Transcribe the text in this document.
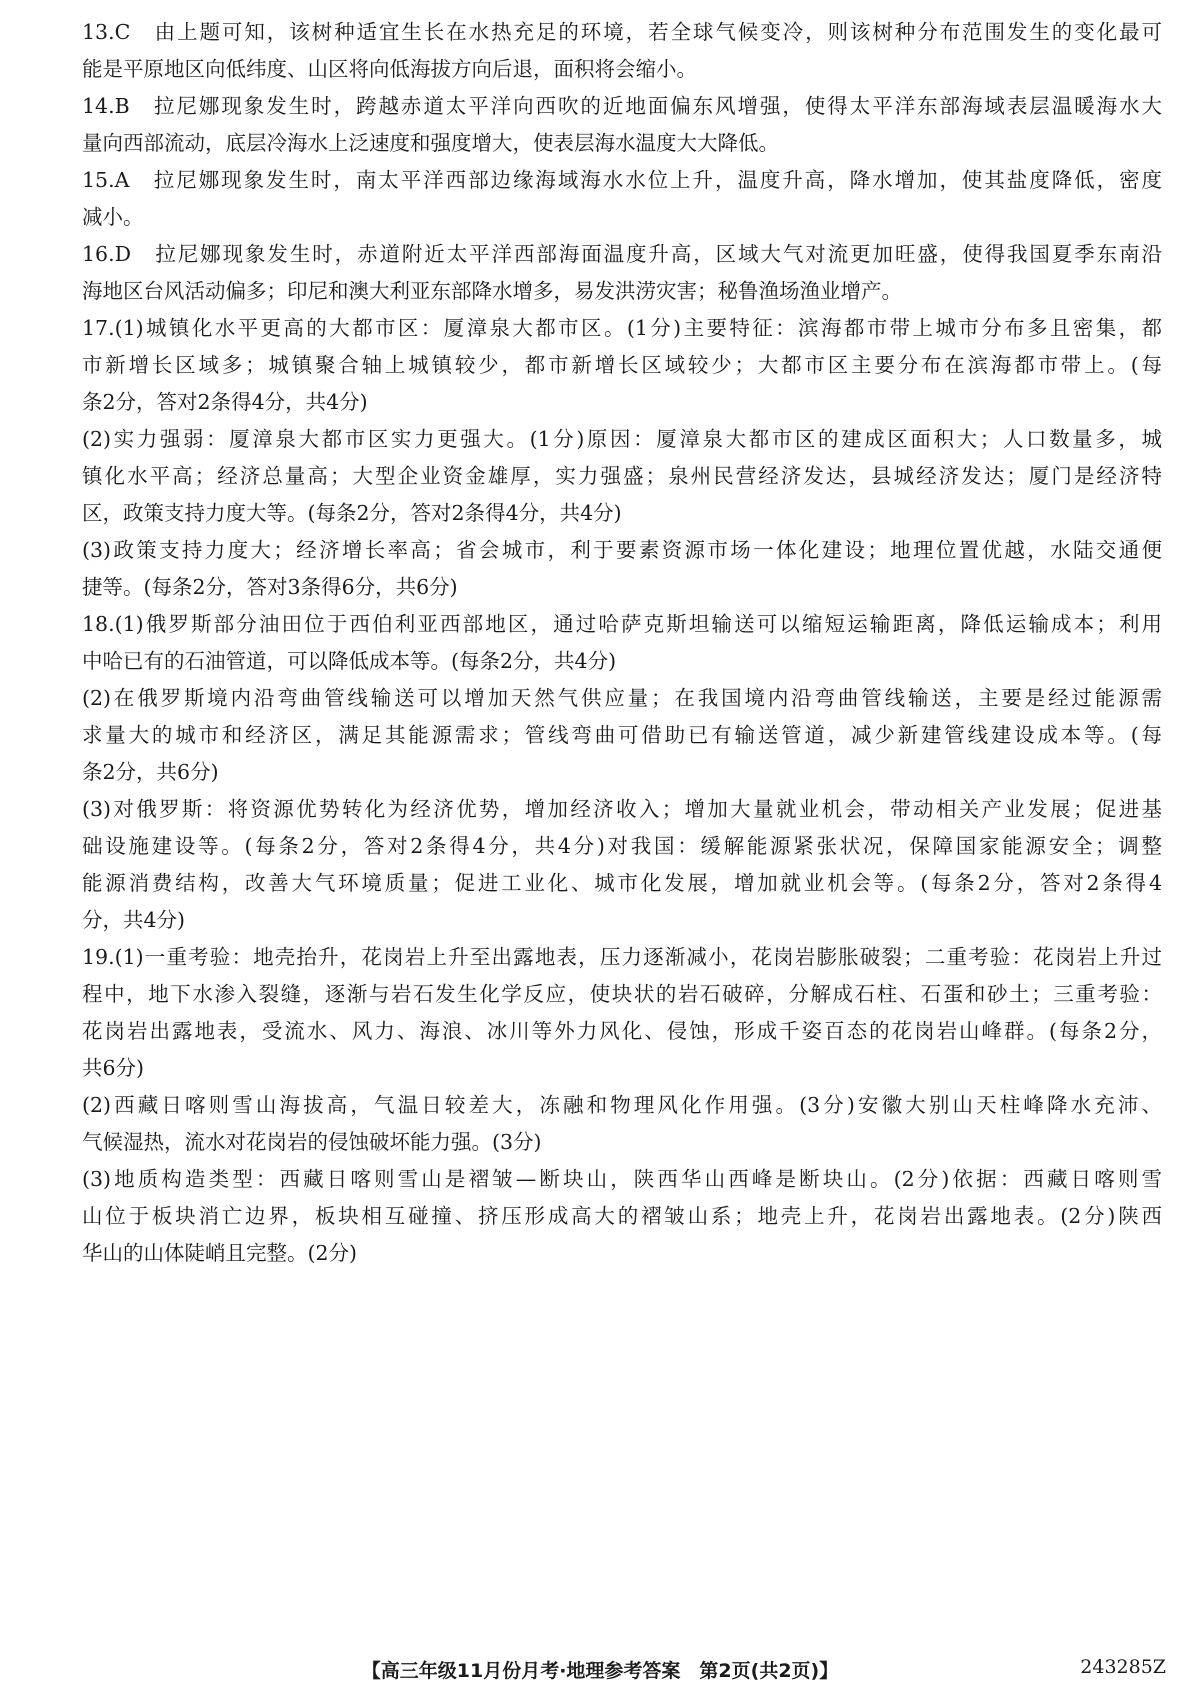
13.C　由上题可知，该树种适宜生长在水热充足的环境，若全球气候变冷，则该树种分布范围发生的变化最可
能是平原地区向低纬度、山区将向低海拔方向后退，面积将会缩小。
14.B　拉尼娜现象发生时，跨越赤道太平洋向西吹的近地面偏东风增强，使得太平洋东部海域表层温暖海水大
量向西部流动，底层冷海水上泛速度和强度增大，使表层海水温度大大降低。
15.A　拉尼娜现象发生时，南太平洋西部边缘海域海水水位上升，温度升高，降水增加，使其盐度降低，密度
减小。
16.D　拉尼娜现象发生时，赤道附近太平洋西部海面温度升高，区域大气对流更加旺盛，使得我国夏季东南沿
海地区台风活动偏多；印尼和澳大利亚东部降水增多，易发洪涝灾害；秘鲁渔场渔业增产。
17.(1)城镇化水平更高的大都市区：厦漳泉大都市区。(1分)主要特征：滨海都市带上城市分布多且密集，都
市新增长区域多；城镇聚合轴上城镇较少，都市新增长区域较少；大都市区主要分布在滨海都市带上。(每
条2分，答对2条得4分，共4分)
(2)实力强弱：厦漳泉大都市区实力更强大。(1分)原因：厦漳泉大都市区的建成区面积大；人口数量多，城
镇化水平高；经济总量高；大型企业资金雄厚，实力强盛；泉州民营经济发达，县城经济发达；厦门是经济特
区，政策支持力度大等。(每条2分，答对2条得4分，共4分)
(3)政策支持力度大；经济增长率高；省会城市，利于要素资源市场一体化建设；地理位置优越，水陆交通便
捷等。(每条2分，答对3条得6分，共6分)
18.(1)俄罗斯部分油田位于西伯利亚西部地区，通过哈萨克斯坦输送可以缩短运输距离，降低运输成本；利用
中哈已有的石油管道，可以降低成本等。(每条2分，共4分)
(2)在俄罗斯境内沿弯曲管线输送可以增加天然气供应量；在我国境内沿弯曲管线输送，主要是经过能源需
求量大的城市和经济区，满足其能源需求；管线弯曲可借助已有输送管道，减少新建管线建设成本等。(每
条2分，共6分)
(3)对俄罗斯：将资源优势转化为经济优势，增加经济收入；增加大量就业机会，带动相关产业发展；促进基
础设施建设等。(每条2分，答对2条得4分，共4分)对我国：缓解能源紧张状况，保障国家能源安全；调整
能源消费结构，改善大气环境质量；促进工业化、城市化发展，增加就业机会等。(每条2分，答对2条得4
分，共4分)
19.(1)一重考验：地壳抬升，花岗岩上升至出露地表，压力逐渐减小，花岗岩膨胀破裂；二重考验：花岗岩上升过
程中，地下水渗入裂缝，逐渐与岩石发生化学反应，使块状的岩石破碎，分解成石柱、石蛋和砂土；三重考验：
花岗岩出露地表，受流水、风力、海浪、冰川等外力风化、侵蚀，形成千姿百态的花岗岩山峰群。(每条2分，
共6分)
(2)西藏日喀则雪山海拔高，气温日较差大，冻融和物理风化作用强。(3分)安徽大别山天柱峰降水充沛、
气候湿热，流水对花岗岩的侵蚀破坏能力强。(3分)
(3)地质构造类型：西藏日喀则雪山是褶皱—断块山，陕西华山西峰是断块山。(2分)依据：西藏日喀则雪
山位于板块消亡边界，板块相互碰撞、挤压形成高大的褶皱山系；地壳上升，花岗岩出露地表。(2分)陕西
华山的山体陡峭且完整。(2分)
【高三年级11月份月考·地理参考答案　第2页(共2页)】	243285Z
